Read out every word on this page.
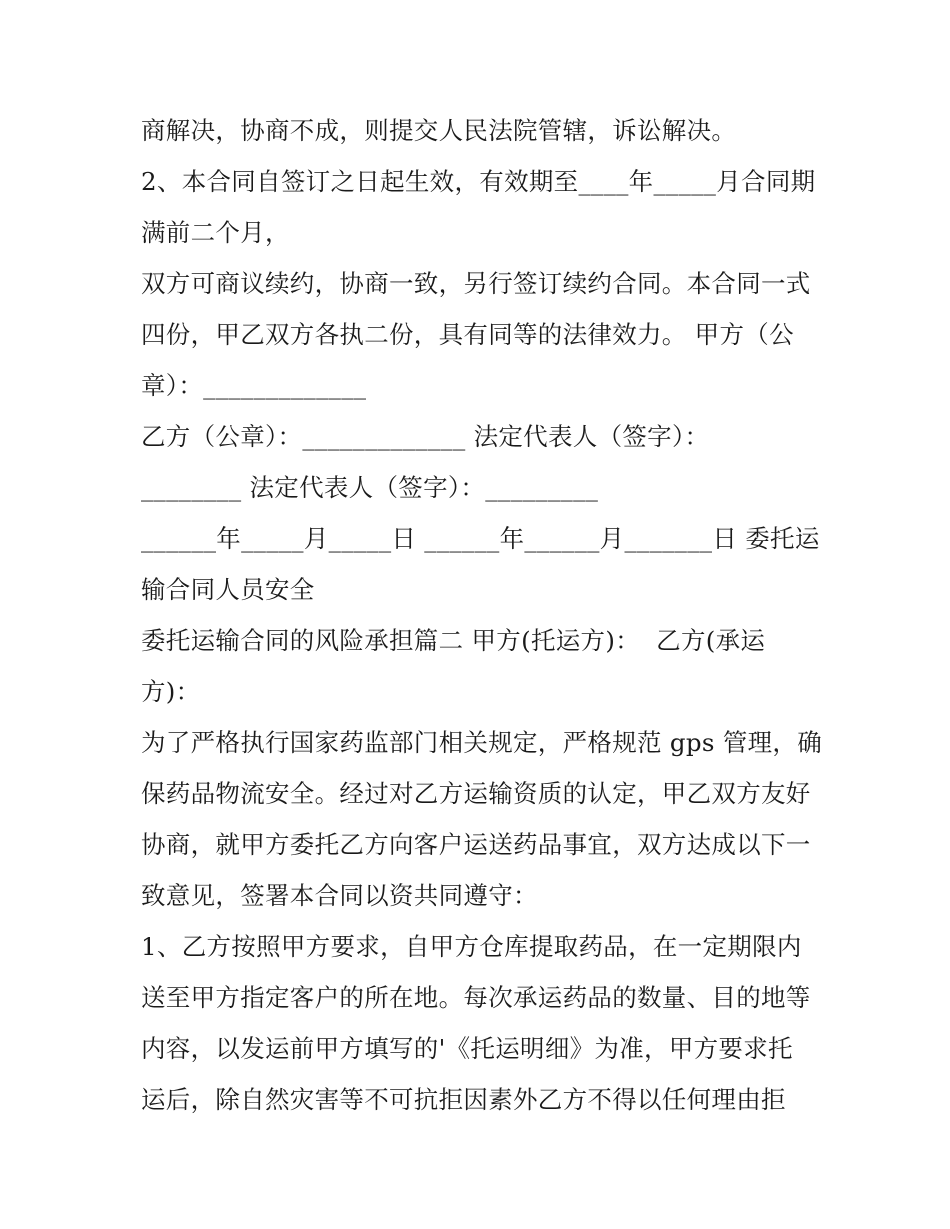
商解决，协商不成，则提交人民法院管辖，诉讼解决。
2、本合同自签订之日起生效，有效期至____年_____月合同期
满前二个月，
双方可商议续约，协商一致，另行签订续约合同。本合同一式
四份，甲乙双方各执二份，具有同等的法律效力。 甲方（公
章）：_____________
乙方（公章）：_____________ 法定代表人（签字）：
________ 法定代表人（签字）：_________
______年_____月_____日 ______年______月_______日 委托运
输合同人员安全
委托运输合同的风险承担篇二 甲方(托运方)：  乙方(承运
方)：
为了严格执行国家药监部门相关规定，严格规范 gps 管理，确
保药品物流安全。经过对乙方运输资质的认定，甲乙双方友好
协商，就甲方委托乙方向客户运送药品事宜，双方达成以下一
致意见，签署本合同以资共同遵守：
1、乙方按照甲方要求，自甲方仓库提取药品，在一定期限内
送至甲方指定客户的所在地。每次承运药品的数量、目的地等
内容，以发运前甲方填写的'《托运明细》为准，甲方要求托
运后，除自然灾害等不可抗拒因素外乙方不得以任何理由拒
